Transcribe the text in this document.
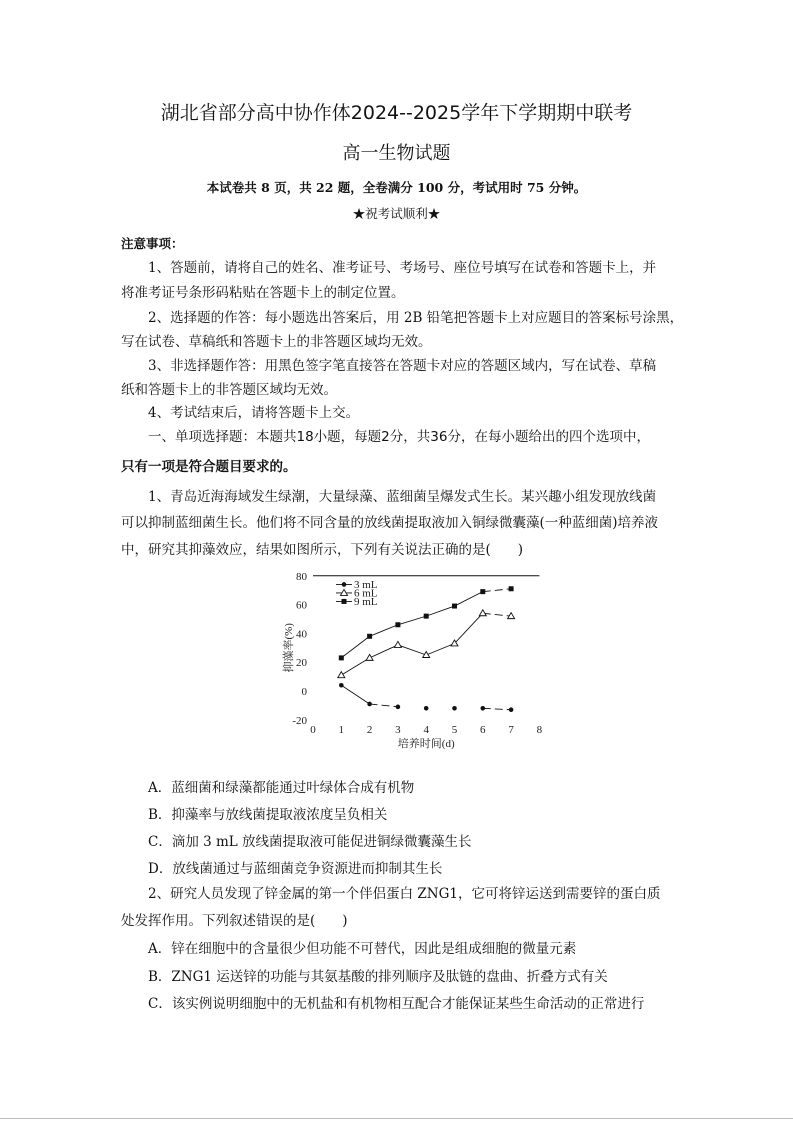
湖北省部分高中协作体2024--2025学年下学期期中联考
高一生物试题
本试卷共 8 页，共 22 题，全卷满分 100 分，考试用时 75 分钟。
★祝考试顺利★
注意事项：
1、答题前，请将自己的姓名、准考证号、考场号、座位号填写在试卷和答题卡上，并
将准考证号条形码粘贴在答题卡上的制定位置。
2、选择题的作答：每小题选出答案后，用 2B 铅笔把答题卡上对应题目的答案标号涂黑，
写在试卷、草稿纸和答题卡上的非答题区域均无效。
3、非选择题作答：用黑色签字笔直接答在答题卡对应的答题区域内，写在试卷、草稿
纸和答题卡上的非答题区域均无效。
4、考试结束后，请将答题卡上交。
一、单项选择题：本题共18小题，每题2分，共36分，在每小题给出的四个选项中，
只有一项是符合题目要求的。
1、青岛近海海域发生绿潮，大量绿藻、蓝细菌呈爆发式生长。某兴趣小组发现放线菌
可以抑制蓝细菌生长。他们将不同含量的放线菌提取液加入铜绿微囊藻(一种蓝细菌)培养液
中，研究其抑藻效应，结果如图所示，下列有关说法正确的是(　　)
80
60
40
20
0
-20
0 1 2 3 4 5 6 7 8
培养时间(d)
抑藻率(%)
3 mL
6 mL
9 mL
A．蓝细菌和绿藻都能通过叶绿体合成有机物
B．抑藻率与放线菌提取液浓度呈负相关
C．滴加 3 mL 放线菌提取液可能促进铜绿微囊藻生长
D．放线菌通过与蓝细菌竞争资源进而抑制其生长
2、研究人员发现了锌金属的第一个伴侣蛋白 ZNG1，它可将锌运送到需要锌的蛋白质
处发挥作用。下列叙述错误的是(　　)
A．锌在细胞中的含量很少但功能不可替代，因此是组成细胞的微量元素
B．ZNG1 运送锌的功能与其氨基酸的排列顺序及肽链的盘曲、折叠方式有关
C．该实例说明细胞中的无机盐和有机物相互配合才能保证某些生命活动的正常进行
